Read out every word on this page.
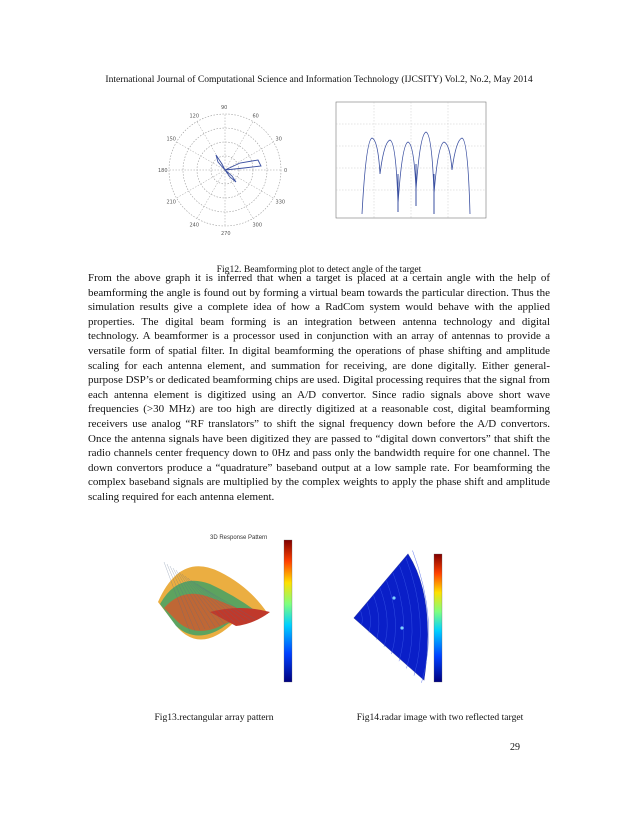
International Journal of Computational Science and Information Technology (IJCSITY) Vol.2, No.2, May 2014
90
60
30
0
330
300
270
240
210
180
150
120
Fig12. Beamforming plot to detect angle of the target

From the above graph it is inferred that when a target is placed at a certain angle with the help of beamforming the angle is found out by forming a virtual beam towards the particular direction. Thus the simulation results give a complete idea of how a RadCom system would behave with the applied properties. The digital beam forming is an integration between antenna technology and digital technology. A beamformer is a processor used in conjunction with an array of antennas to provide a versatile form of spatial filter. In digital beamforming the operations of phase shifting and amplitude scaling for each antenna element, and summation for receiving, are done digitally. Either general-purpose DSP’s or dedicated beamforming chips are used. Digital processing requires that the signal from each antenna element is digitized using an A/D convertor. Since radio signals above short wave frequencies (>30 MHz) are too high are directly digitized at a reasonable cost, digital beamforming receivers use analog “RF translators” to shift the signal frequency down before the A/D convertors. Once the antenna signals have been digitized they are passed to “digital down convertors” that shift the radio channels center frequency down to 0Hz and pass only the bandwidth require for one channel. The down convertors produce a “quadrature” baseband output at a low sample rate. For beamforming the complex baseband signals are multiplied by the complex weights to apply the phase shift and amplitude scaling required for each antenna element.

3D Response Pattern
Fig13.rectangular array pattern	Fig14.radar image with two reflected target
29
